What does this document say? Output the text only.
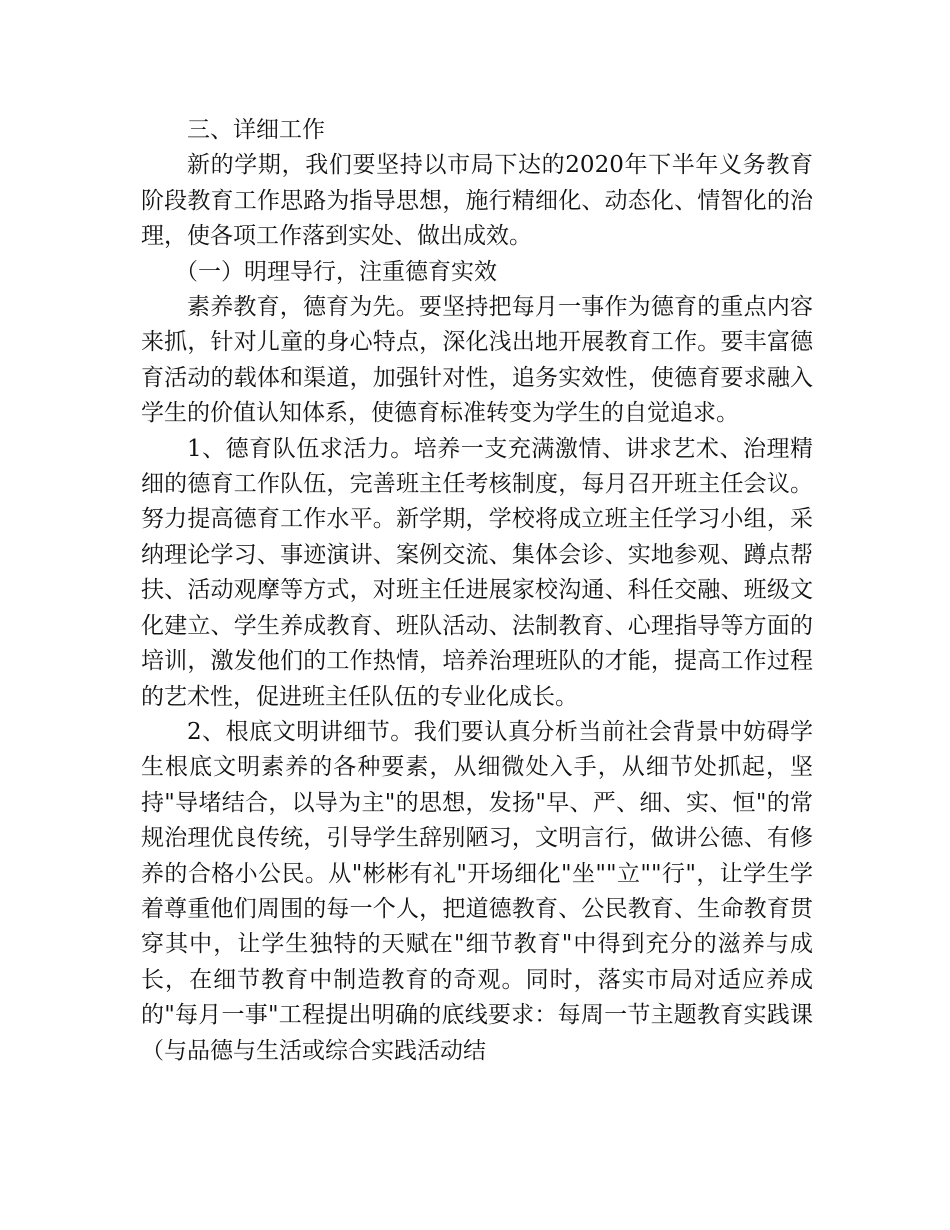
三、详细工作

新的学期，我们要坚持以市局下达的2020年下半年义务教育阶段教育工作思路为指导思想，施行精细化、动态化、情智化的治理，使各项工作落到实处、做出成效。

（一）明理导行，注重德育实效

素养教育，德育为先。要坚持把每月一事作为德育的重点内容来抓，针对儿童的身心特点，深化浅出地开展教育工作。要丰富德育活动的载体和渠道，加强针对性，追务实效性，使德育要求融入学生的价值认知体系，使德育标准转变为学生的自觉追求。

1、德育队伍求活力。培养一支充满激情、讲求艺术、治理精细的德育工作队伍，完善班主任考核制度，每月召开班主任会议。努力提高德育工作水平。新学期，学校将成立班主任学习小组，采纳理论学习、事迹演讲、案例交流、集体会诊、实地参观、蹲点帮扶、活动观摩等方式，对班主任进展家校沟通、科任交融、班级文化建立、学生养成教育、班队活动、法制教育、心理指导等方面的培训，激发他们的工作热情，培养治理班队的才能，提高工作过程的艺术性，促进班主任队伍的专业化成长。

2、根底文明讲细节。我们要认真分析当前社会背景中妨碍学生根底文明素养的各种要素，从细微处入手，从细节处抓起，坚持"导堵结合，以导为主"的思想，发扬"早、严、细、实、恒"的常规治理优良传统，引导学生辞别陋习，文明言行，做讲公德、有修养的合格小公民。从"彬彬有礼"开场细化"坐""立""行"，让学生学着尊重他们周围的每一个人，把道德教育、公民教育、生命教育贯穿其中，让学生独特的天赋在"细节教育"中得到充分的滋养与成长，在细节教育中制造教育的奇观。同时，落实市局对适应养成的"每月一事"工程提出明确的底线要求：每周一节主题教育实践课（与品德与生活或综合实践活动结
